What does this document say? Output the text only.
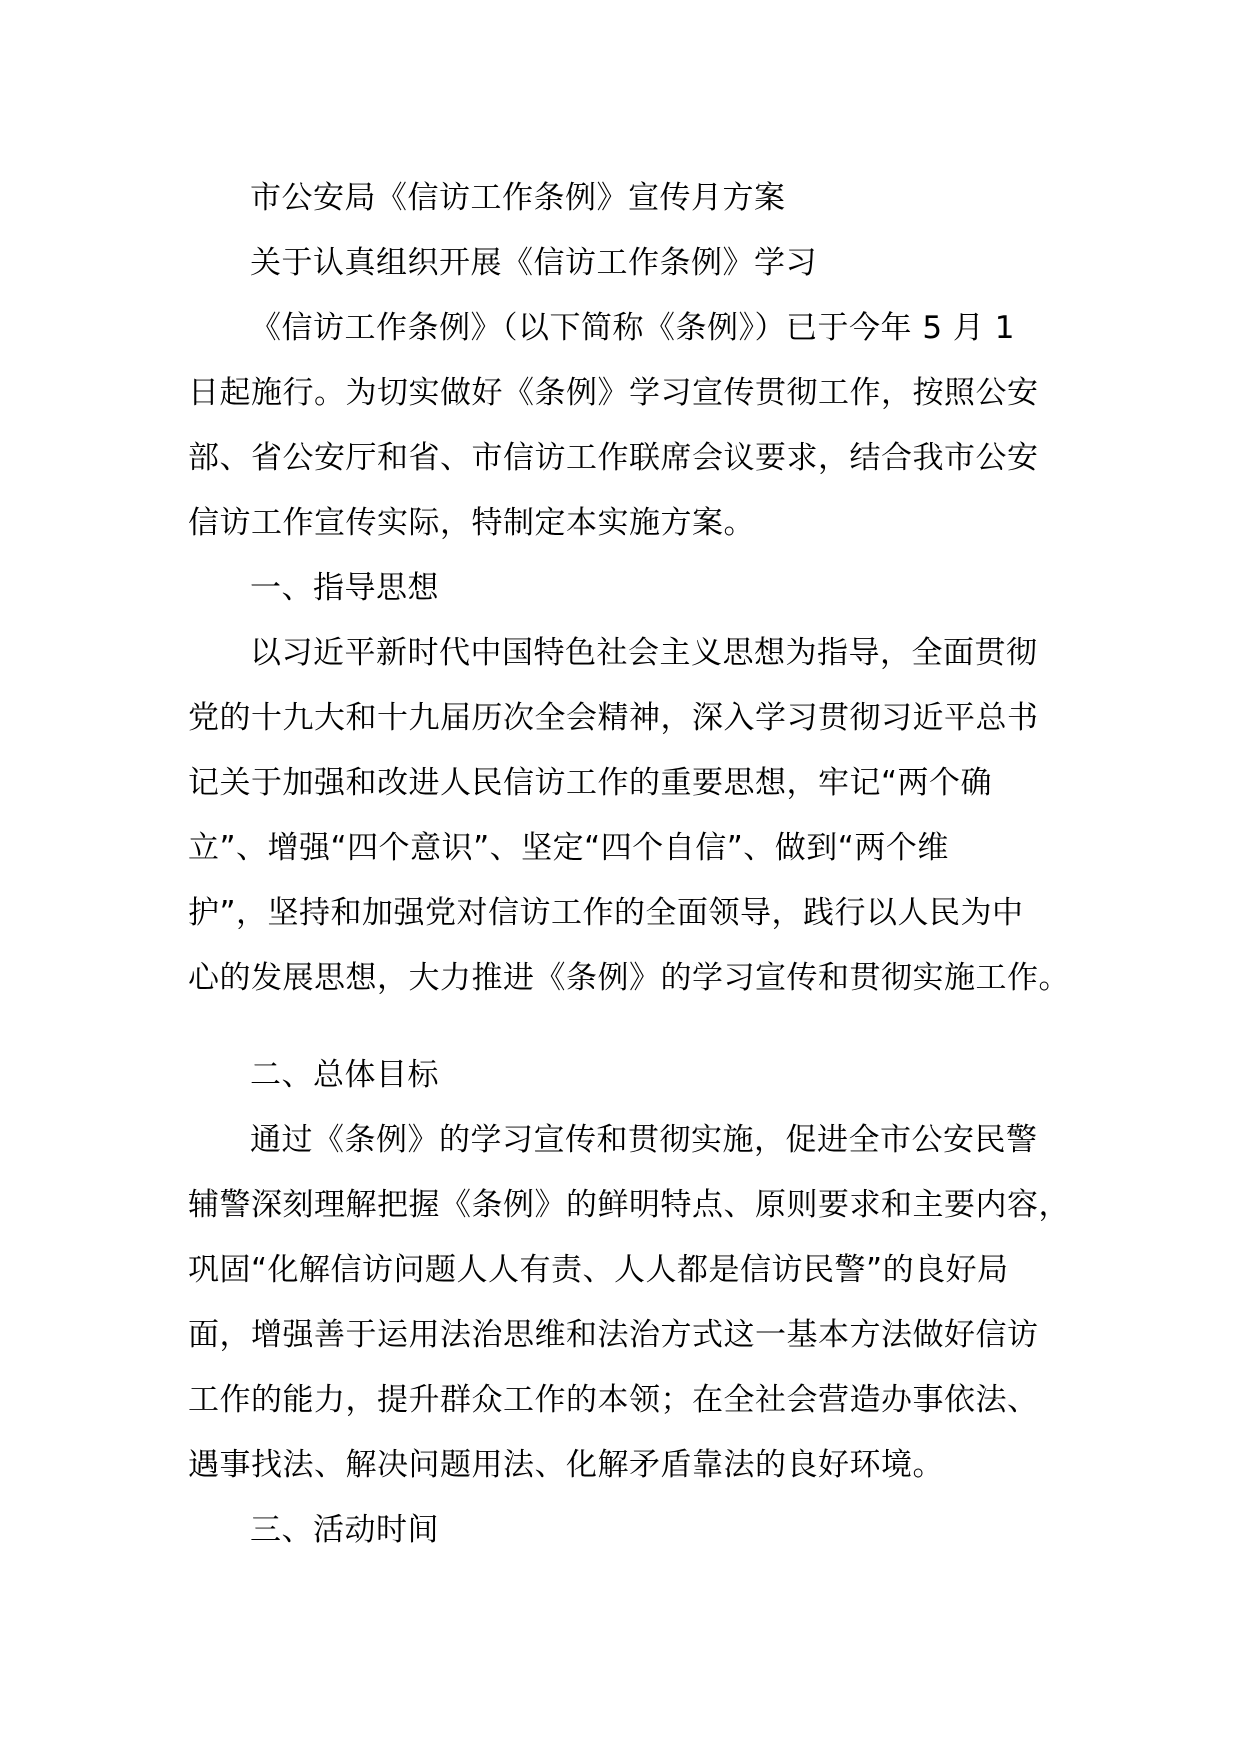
市公安局《信访工作条例》宣传月方案
关于认真组织开展《信访工作条例》学习
《信访工作条例》（以下简称《条例》）已于今年 5 月 1
日起施行。为切实做好《条例》学习宣传贯彻工作，按照公安
部、省公安厅和省、市信访工作联席会议要求，结合我市公安
信访工作宣传实际，特制定本实施方案。
一、指导思想
以习近平新时代中国特色社会主义思想为指导，全面贯彻
党的十九大和十九届历次全会精神，深入学习贯彻习近平总书
记关于加强和改进人民信访工作的重要思想，牢记“两个确
立”、增强“四个意识”、坚定“四个自信”、做到“两个维
护”，坚持和加强党对信访工作的全面领导，践行以人民为中
心的发展思想，大力推进《条例》的学习宣传和贯彻实施工作。
二、总体目标
通过《条例》的学习宣传和贯彻实施，促进全市公安民警
辅警深刻理解把握《条例》的鲜明特点、原则要求和主要内容，
巩固“化解信访问题人人有责、人人都是信访民警”的良好局
面，增强善于运用法治思维和法治方式这一基本方法做好信访
工作的能力，提升群众工作的本领；在全社会营造办事依法、
遇事找法、解决问题用法、化解矛盾靠法的良好环境。
三、活动时间
